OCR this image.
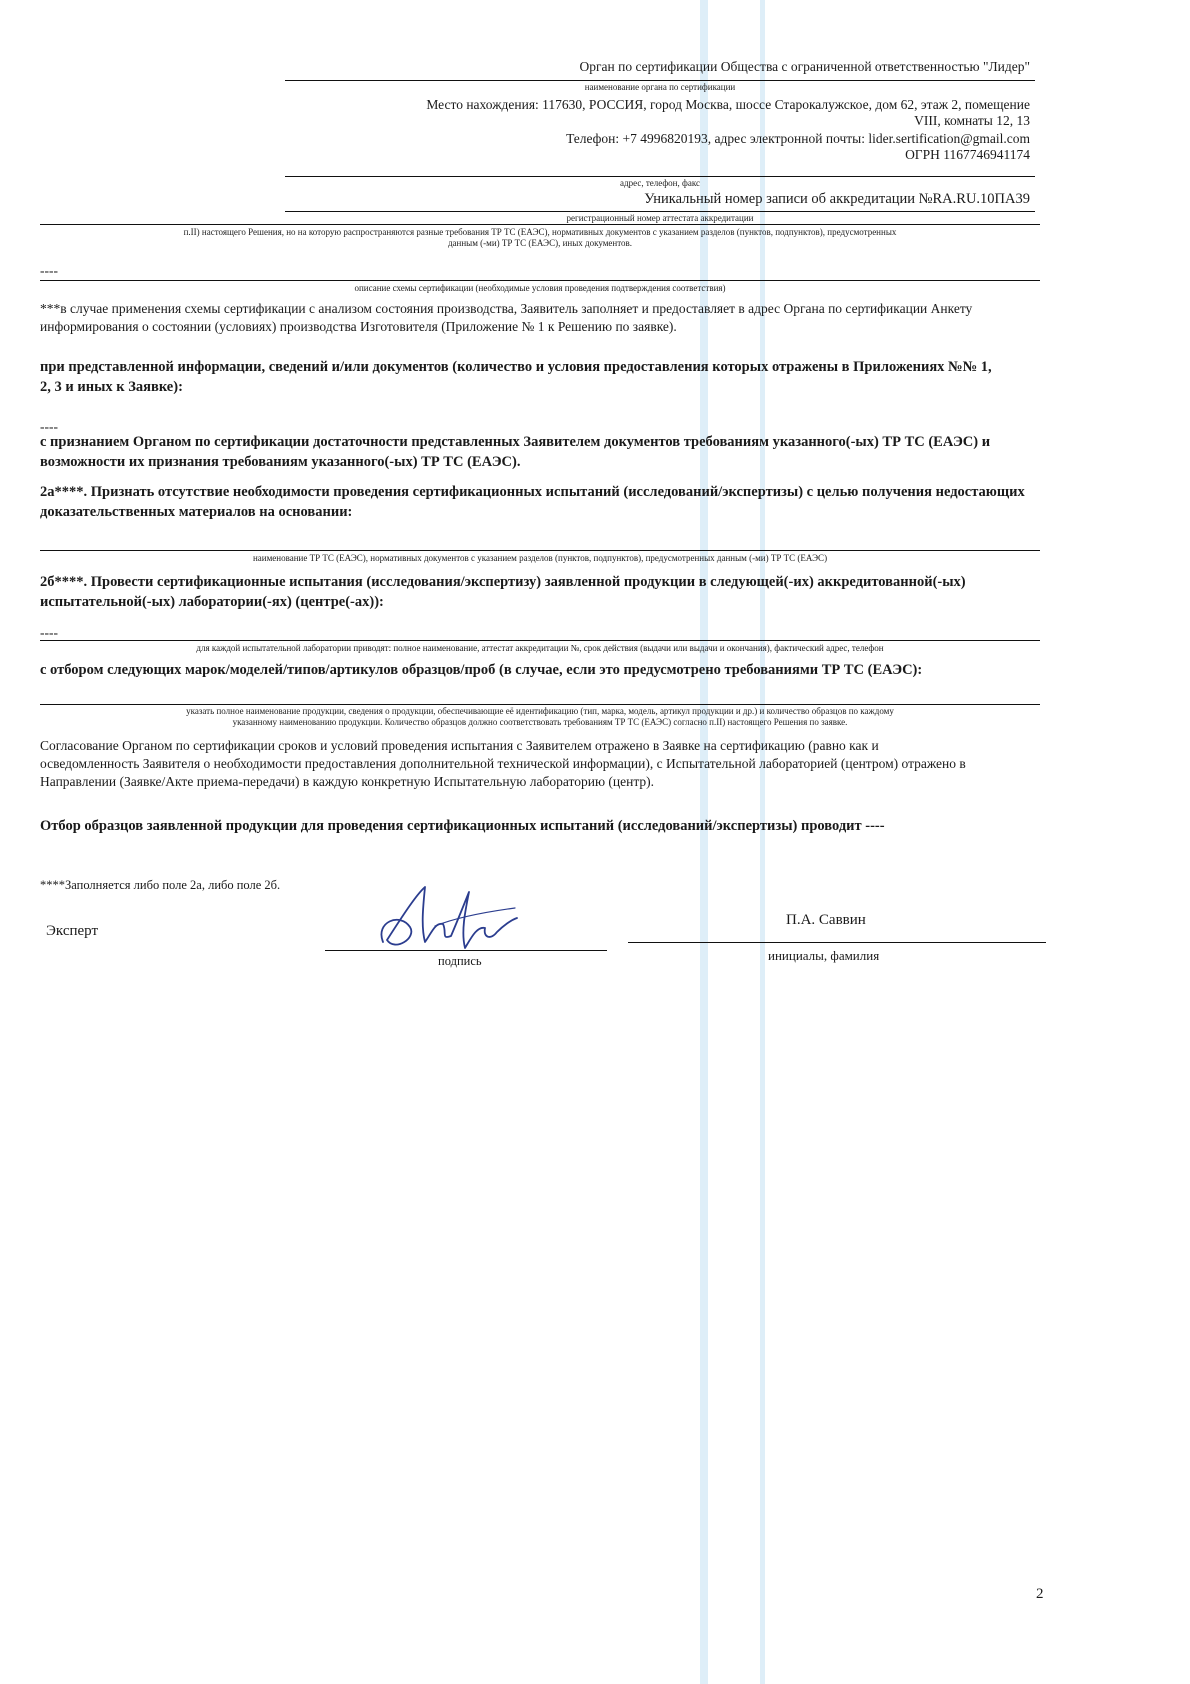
Орган по сертификации Общества с ограниченной ответственностью "Лидер"
наименование органа по сертификации
Место нахождения: 117630, РОССИЯ, город Москва, шоссе Старокалужское, дом 62, этаж 2, помещение
VIII, комнаты 12, 13
Телефон: +7 4996820193, адрес электронной почты: lider.sertification@gmail.com
ОГРН 1167746941174
адрес, телефон, факс
Уникальный номер записи об аккредитации №RA.RU.10ПА39
регистрационный номер аттестата аккредитации
п.II) настоящего Решения, но на которую распространяются разные требования ТР ТС (ЕАЭС), нормативных документов с указанием разделов (пунктов, подпунктов), предусмотренных
данным (-ми) ТР ТС (ЕАЭС), иных документов.
----
описание схемы сертификации (необходимые условия проведения подтверждения соответствия)
***в случае применения схемы сертификации с анализом состояния производства, Заявитель заполняет и предоставляет в адрес Органа по сертификации Анкету информирования о состоянии (условиях) производства Изготовителя (Приложение № 1 к Решению по заявке).
при представленной информации, сведений и/или документов (количество и условия предоставления которых отражены в Приложениях №№ 1, 2, 3 и иных к Заявке):
----
с признанием Органом по сертификации достаточности представленных Заявителем документов требованиям указанного(-ых) ТР ТС (ЕАЭС) и возможности их признания требованиям указанного(-ых) ТР ТС (ЕАЭС).
2а****. Признать отсутствие необходимости проведения сертификационных испытаний (исследований/экспертизы) с целью получения недостающих доказательственных материалов на основании:
наименование ТР ТС (ЕАЭС), нормативных документов с указанием разделов (пунктов, подпунктов), предусмотренных данным (-ми) ТР ТС (ЕАЭС)
2б****. Провести сертификационные испытания (исследования/экспертизу) заявленной продукции в следующей(-их) аккредитованной(-ых) испытательной(-ых) лаборатории(-ях) (центре(-ах)):
----
для каждой испытательной лаборатории приводят: полное наименование, аттестат аккредитации №, срок действия (выдачи или выдачи и окончания), фактический адрес, телефон
с отбором следующих марок/моделей/типов/артикулов образцов/проб (в случае, если это предусмотрено требованиями ТР ТС (ЕАЭС):
указать полное наименование продукции, сведения о продукции, обеспечивающие её идентификацию (тип, марка, модель, артикул продукции и др.) и количество образцов по каждому
указанному наименованию продукции. Количество образцов должно соответствовать требованиям ТР ТС (ЕАЭС) согласно п.II) настоящего Решения по заявке.
Согласование Органом по сертификации сроков и условий проведения испытания с Заявителем отражено в Заявке на сертификацию (равно как и осведомленность Заявителя о необходимости предоставления дополнительной технической информации), с Испытательной лабораторией (центром) отражено в Направлении (Заявке/Акте приема-передачи) в каждую конкретную Испытательную лабораторию (центр).
Отбор образцов заявленной продукции для проведения сертификационных испытаний (исследований/экспертизы) проводит ----
****Заполняется либо поле 2а, либо поле 2б.
Эксперт
подпись
П.А. Саввин
инициалы, фамилия
2
